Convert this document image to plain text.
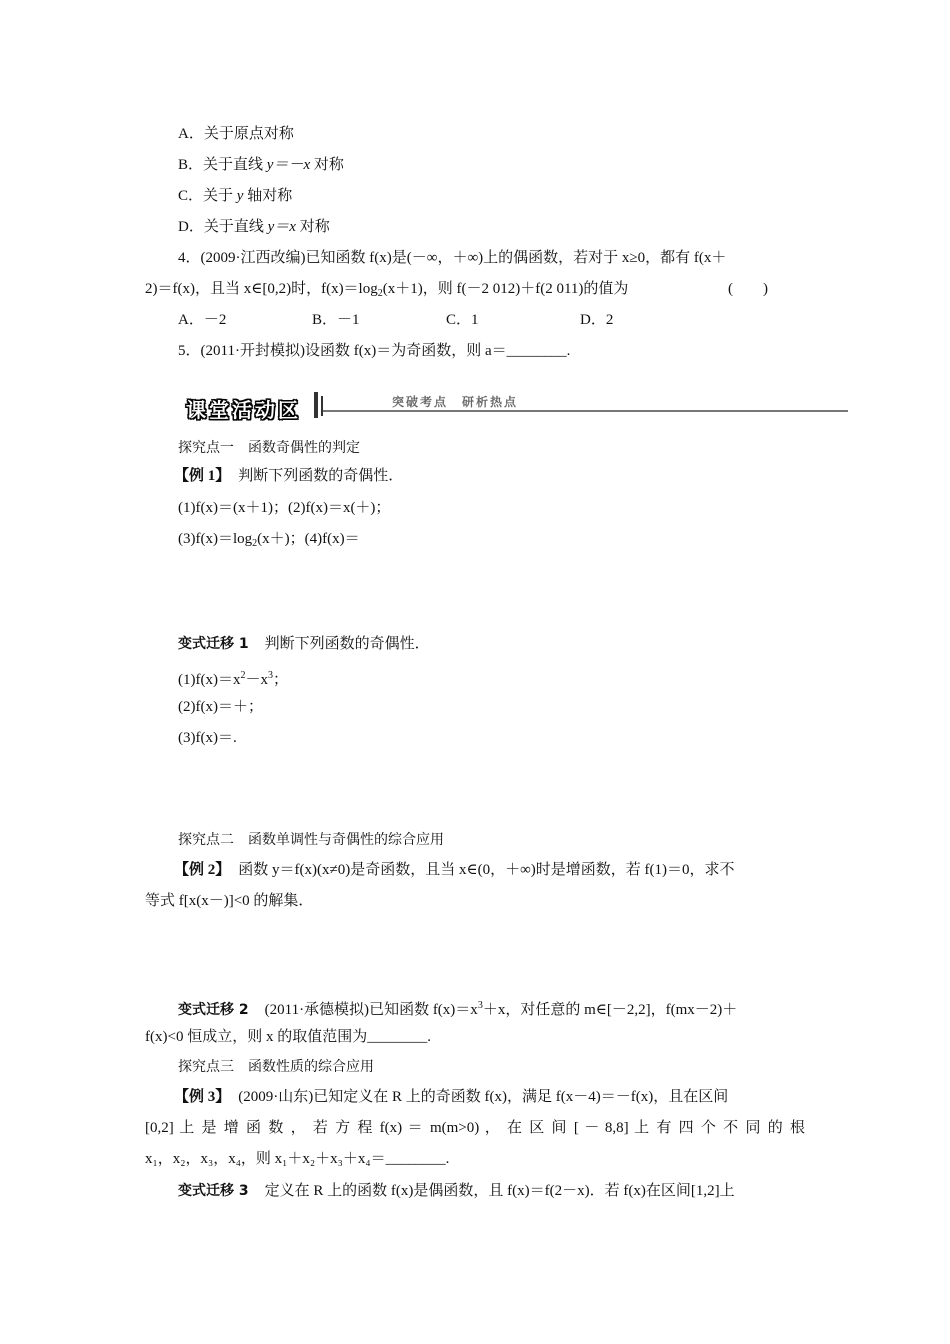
A．关于原点对称
B．关于直线 y＝－x 对称
C．关于 y 轴对称
D．关于直线 y＝x 对称
4．(2009·江西改编)已知函数 f(x)是(－∞，＋∞)上的偶函数，若对于 x≥0，都有 f(x＋
2)＝f(x)，且当 x∈[0,2)时，$f(x)=\log_2(x+1)$，则 f(－2 012)＋f(2 011)的值为	(　　)
A．－2	B．－1	C．1	D．2
5．(2011·开封模拟)设函数 f(x)＝为奇函数，则 a＝________.
课堂活动区	突破考点　研析热点
探究点一　函数奇偶性的判定
【例 1】 判断下列函数的奇偶性．
(1)f(x)＝(x＋1)；(2)f(x)＝x(＋)；
$(3)f(x)=\log_2(x+)$；(4)f(x)＝
变式迁移 1 判断下列函数的奇偶性．
$(1)f(x)=x^2-x^3$；
(2)f(x)＝＋；
(3)f(x)＝.
探究点二　函数单调性与奇偶性的综合应用
【例 2】 函数 y＝f(x)(x≠0)是奇函数，且当 x∈(0，＋∞)时是增函数，若 f(1)＝0，求不
等式 f[x(x－)]<0 的解集．
变式迁移 2 (2011·承德模拟)已知函数 $f(x)=x^3+x$，对任意的 m∈[－2,2]，f(mx－2)＋
f(x)<0 恒成立，则 x 的取值范围为________.
探究点三　函数性质的综合应用
【例 3】 (2009·山东)已知定义在 R 上的奇函数 f(x)，满足 f(x－4)＝－f(x)，且在区间
[0,2] 上 是 增 函 数 ， 若 方 程 f(x) ＝ m(m>0) ， 在 区 间 [ － 8,8] 上 有 四 个 不 同 的 根
x₁，x₂，x₃，x₄，则 x₁＋x₂＋x₃＋x₄＝________.
变式迁移 3 定义在 R 上的函数 f(x)是偶函数，且 f(x)＝f(2－x)．若 f(x)在区间[1,2]上
